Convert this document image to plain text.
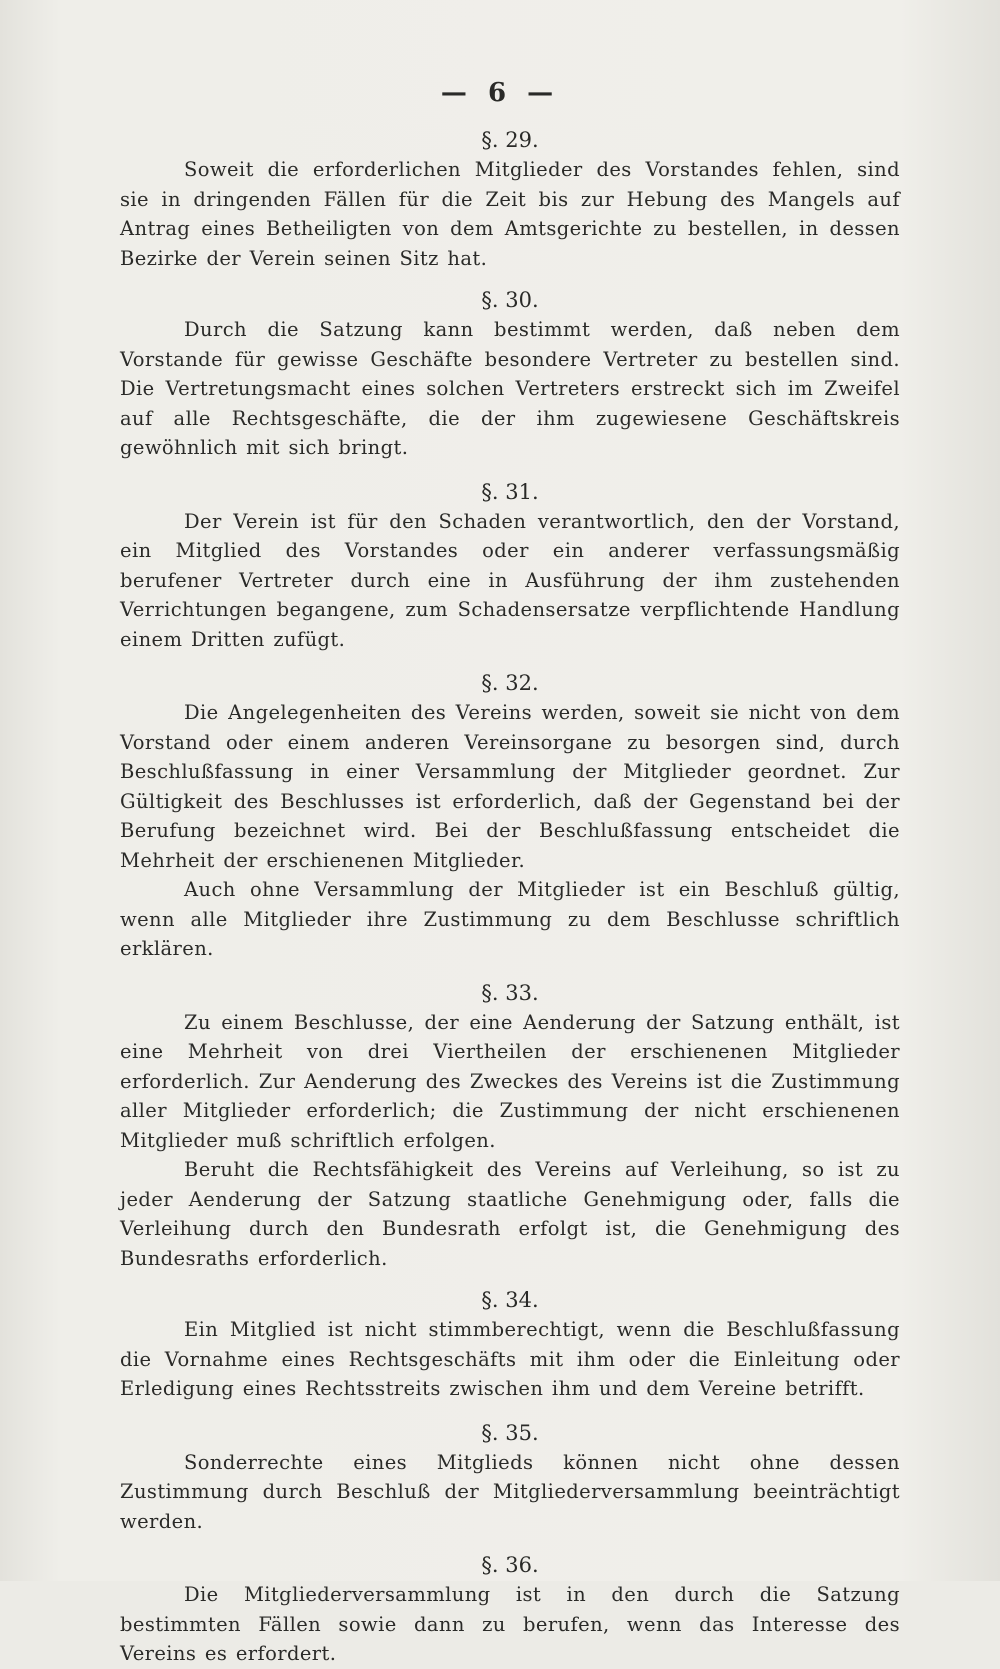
— 6 —
§. 29.

Soweit die erforderlichen Mitglieder des Vorstandes fehlen, sind sie in dringenden Fällen für die Zeit bis zur Hebung des Mangels auf Antrag eines Betheiligten von dem Amtsgerichte zu bestellen, in dessen Bezirke der Verein seinen Sitz hat.

§. 30.

Durch die Satzung kann bestimmt werden, daß neben dem Vorstande für gewisse Geschäfte besondere Vertreter zu bestellen sind. Die Vertretungsmacht eines solchen Vertreters erstreckt sich im Zweifel auf alle Rechtsgeschäfte, die der ihm zugewiesene Geschäftskreis gewöhnlich mit sich bringt.

§. 31.

Der Verein ist für den Schaden verantwortlich, den der Vorstand, ein Mitglied des Vorstandes oder ein anderer verfassungsmäßig berufener Vertreter durch eine in Ausführung der ihm zustehenden Verrichtungen begangene, zum Schadensersatze verpflichtende Handlung einem Dritten zufügt.

§. 32.

Die Angelegenheiten des Vereins werden, soweit sie nicht von dem Vorstand oder einem anderen Vereinsorgane zu besorgen sind, durch Beschlußfassung in einer Versammlung der Mitglieder geordnet. Zur Gültigkeit des Beschlusses ist erforderlich, daß der Gegenstand bei der Berufung bezeichnet wird. Bei der Beschlußfassung entscheidet die Mehrheit der erschienenen Mitglieder.

Auch ohne Versammlung der Mitglieder ist ein Beschluß gültig, wenn alle Mitglieder ihre Zustimmung zu dem Beschlusse schriftlich erklären.

§. 33.

Zu einem Beschlusse, der eine Aenderung der Satzung enthält, ist eine Mehrheit von drei Viertheilen der erschienenen Mitglieder erforderlich. Zur Aenderung des Zweckes des Vereins ist die Zustimmung aller Mitglieder erforderlich; die Zustimmung der nicht erschienenen Mitglieder muß schriftlich erfolgen.

Beruht die Rechtsfähigkeit des Vereins auf Verleihung, so ist zu jeder Aenderung der Satzung staatliche Genehmigung oder, falls die Verleihung durch den Bundesrath erfolgt ist, die Genehmigung des Bundesraths erforderlich.

§. 34.

Ein Mitglied ist nicht stimmberechtigt, wenn die Beschlußfassung die Vornahme eines Rechtsgeschäfts mit ihm oder die Einleitung oder Erledigung eines Rechtsstreits zwischen ihm und dem Vereine betrifft.

§. 35.

Sonderrechte eines Mitglieds können nicht ohne dessen Zustimmung durch Beschluß der Mitgliederversammlung beeinträchtigt werden.

§. 36.

Die Mitgliederversammlung ist in den durch die Satzung bestimmten Fällen sowie dann zu berufen, wenn das Interesse des Vereins es erfordert.
